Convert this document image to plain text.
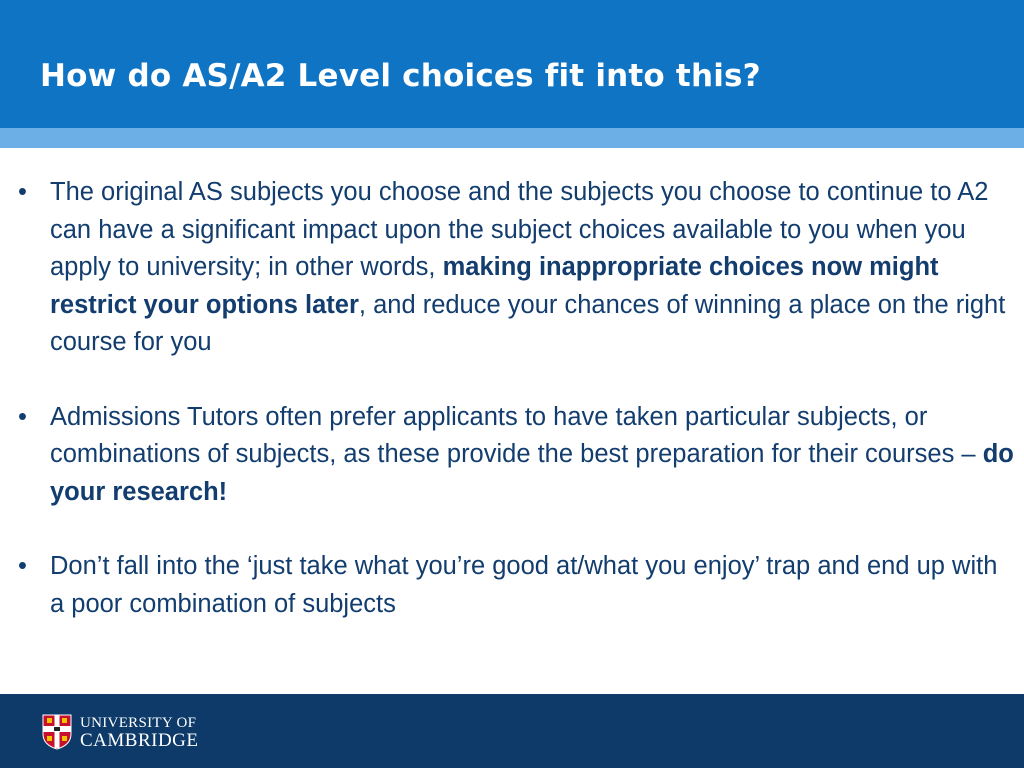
How do AS/A2 Level choices fit into this?
• The original AS subjects you choose and the subjects you choose to continue to A2 can have a significant impact upon the subject choices available to you when you apply to university; in other words, making inappropriate choices now might restrict your options later, and reduce your chances of winning a place on the right course for you
• Admissions Tutors often prefer applicants to have taken particular subjects, or combinations of subjects, as these provide the best preparation for their courses – do your research!
• Don’t fall into the ‘just take what you’re good at/what you enjoy’ trap and end up with a poor combination of subjects
UNIVERSITY OF
CAMBRIDGE
